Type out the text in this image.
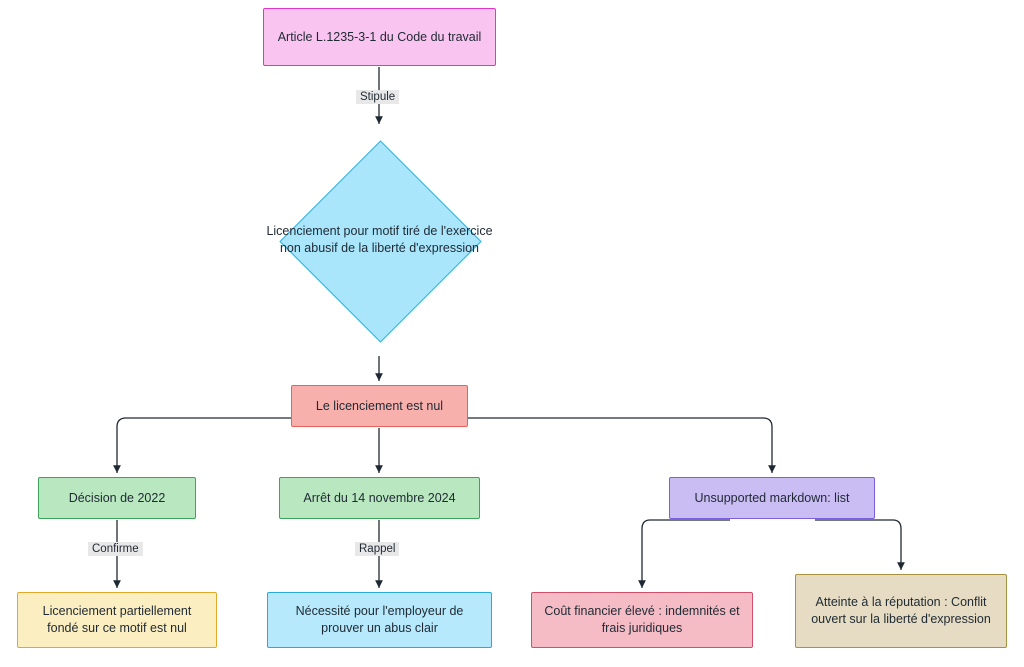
Article L.1235-3-1 du Code du travail
Licenciement pour motif tiré de l'exercice non abusif de la liberté d'expression
Le licenciement est nul
Décision de 2022	Arrêt du 14 novembre 2024	Unsupported markdown: list
Licenciement partiellement fondé sur ce motif est nul
Nécessité pour l'employeur de prouver un abus clair
Coût financier élevé : indemnités et frais juridiques
Atteinte à la réputation : Conflit ouvert sur la liberté d'expression
Stipule
Confirme	Rappel
